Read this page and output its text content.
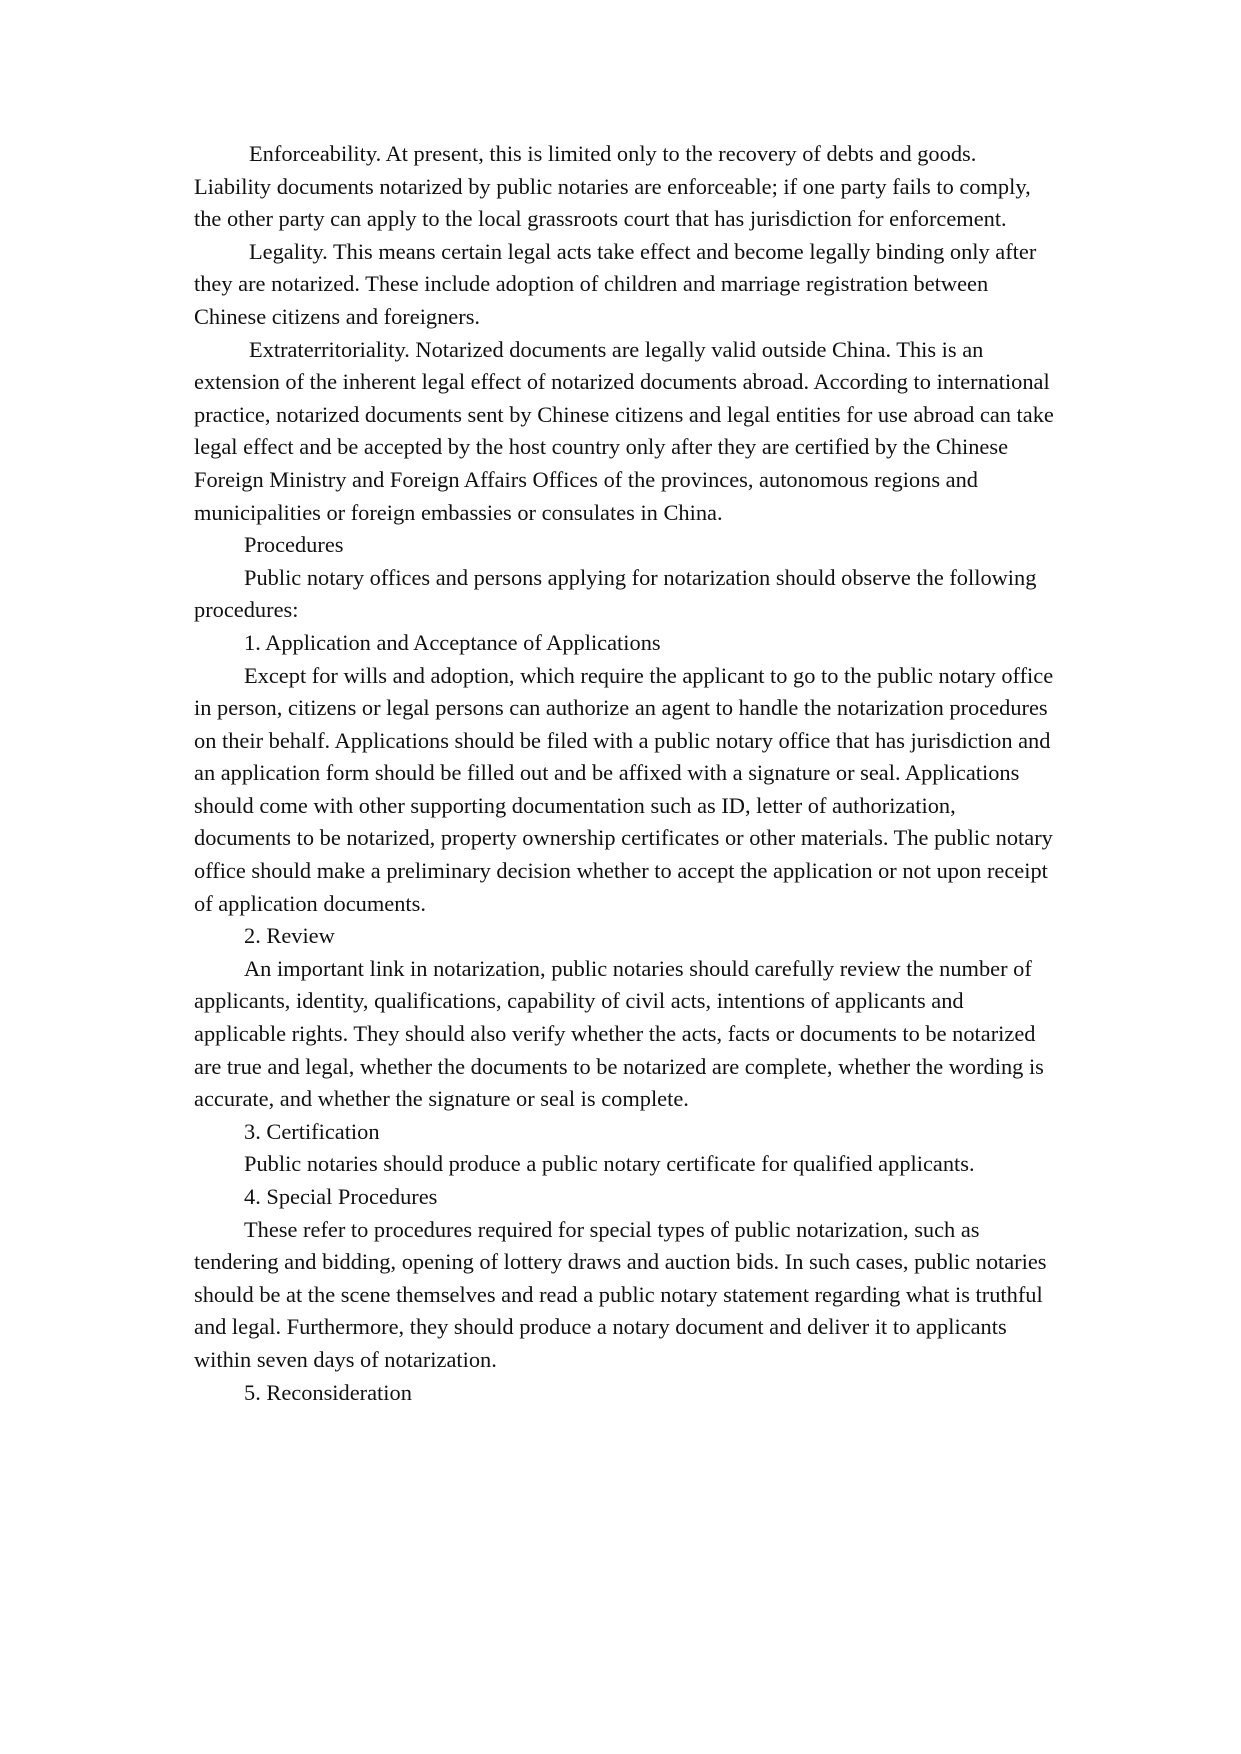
Enforceability. At present, this is limited only to the recovery of debts and goods. Liability documents notarized by public notaries are enforceable; if one party fails to comply, the other party can apply to the local grassroots court that has jurisdiction for enforcement.

Legality. This means certain legal acts take effect and become legally binding only after they are notarized. These include adoption of children and marriage registration between Chinese citizens and foreigners.

Extraterritoriality. Notarized documents are legally valid outside China. This is an extension of the inherent legal effect of notarized documents abroad. According to international practice, notarized documents sent by Chinese citizens and legal entities for use abroad can take legal effect and be accepted by the host country only after they are certified by the Chinese Foreign Ministry and Foreign Affairs Offices of the provinces, autonomous regions and municipalities or foreign embassies or consulates in China.

Procedures

Public notary offices and persons applying for notarization should observe the following procedures:

1. Application and Acceptance of Applications

Except for wills and adoption, which require the applicant to go to the public notary office in person, citizens or legal persons can authorize an agent to handle the notarization procedures on their behalf. Applications should be filed with a public notary office that has jurisdiction and an application form should be filled out and be affixed with a signature or seal. Applications should come with other supporting documentation such as ID, letter of authorization, documents to be notarized, property ownership certificates or other materials. The public notary office should make a preliminary decision whether to accept the application or not upon receipt of application documents.

2. Review

An important link in notarization, public notaries should carefully review the number of applicants, identity, qualifications, capability of civil acts, intentions of applicants and applicable rights. They should also verify whether the acts, facts or documents to be notarized are true and legal, whether the documents to be notarized are complete, whether the wording is accurate, and whether the signature or seal is complete.

3. Certification

Public notaries should produce a public notary certificate for qualified applicants.

4. Special Procedures

These refer to procedures required for special types of public notarization, such as tendering and bidding, opening of lottery draws and auction bids. In such cases, public notaries should be at the scene themselves and read a public notary statement regarding what is truthful and legal. Furthermore, they should produce a notary document and deliver it to applicants within seven days of notarization.

5. Reconsideration
